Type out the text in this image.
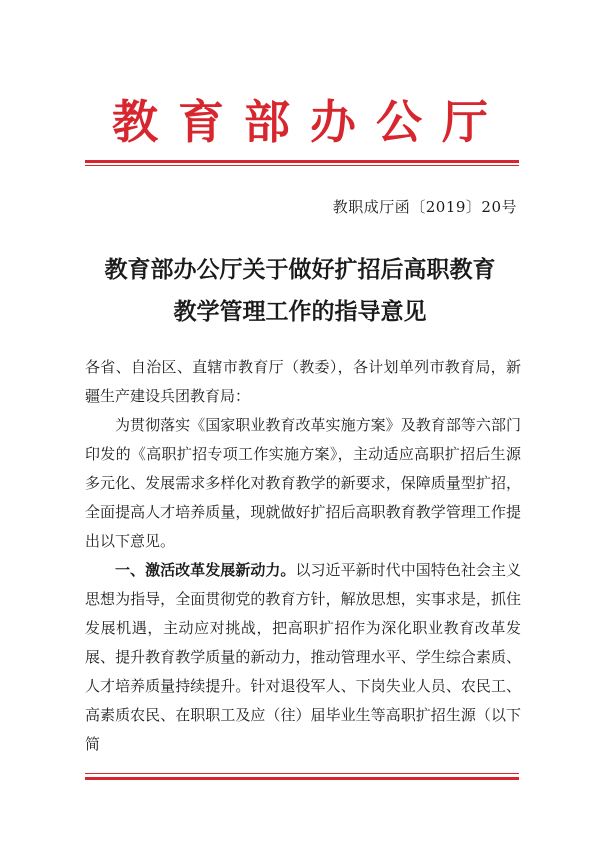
教育部办公厅
教职成厅函〔2019〕20号
教育部办公厅关于做好扩招后高职教育
教学管理工作的指导意见

各省、自治区、直辖市教育厅（教委），各计划单列市教育局，新疆生产建设兵团教育局：

为贯彻落实《国家职业教育改革实施方案》及教育部等六部门印发的《高职扩招专项工作实施方案》，主动适应高职扩招后生源多元化、发展需求多样化对教育教学的新要求，保障质量型扩招，全面提高人才培养质量，现就做好扩招后高职教育教学管理工作提出以下意见。

一、激活改革发展新动力。以习近平新时代中国特色社会主义思想为指导，全面贯彻党的教育方针，解放思想，实事求是，抓住发展机遇，主动应对挑战，把高职扩招作为深化职业教育改革发展、提升教育教学质量的新动力，推动管理水平、学生综合素质、人才培养质量持续提升。针对退役军人、下岗失业人员、农民工、高素质农民、在职职工及应（往）届毕业生等高职扩招生源（以下简
